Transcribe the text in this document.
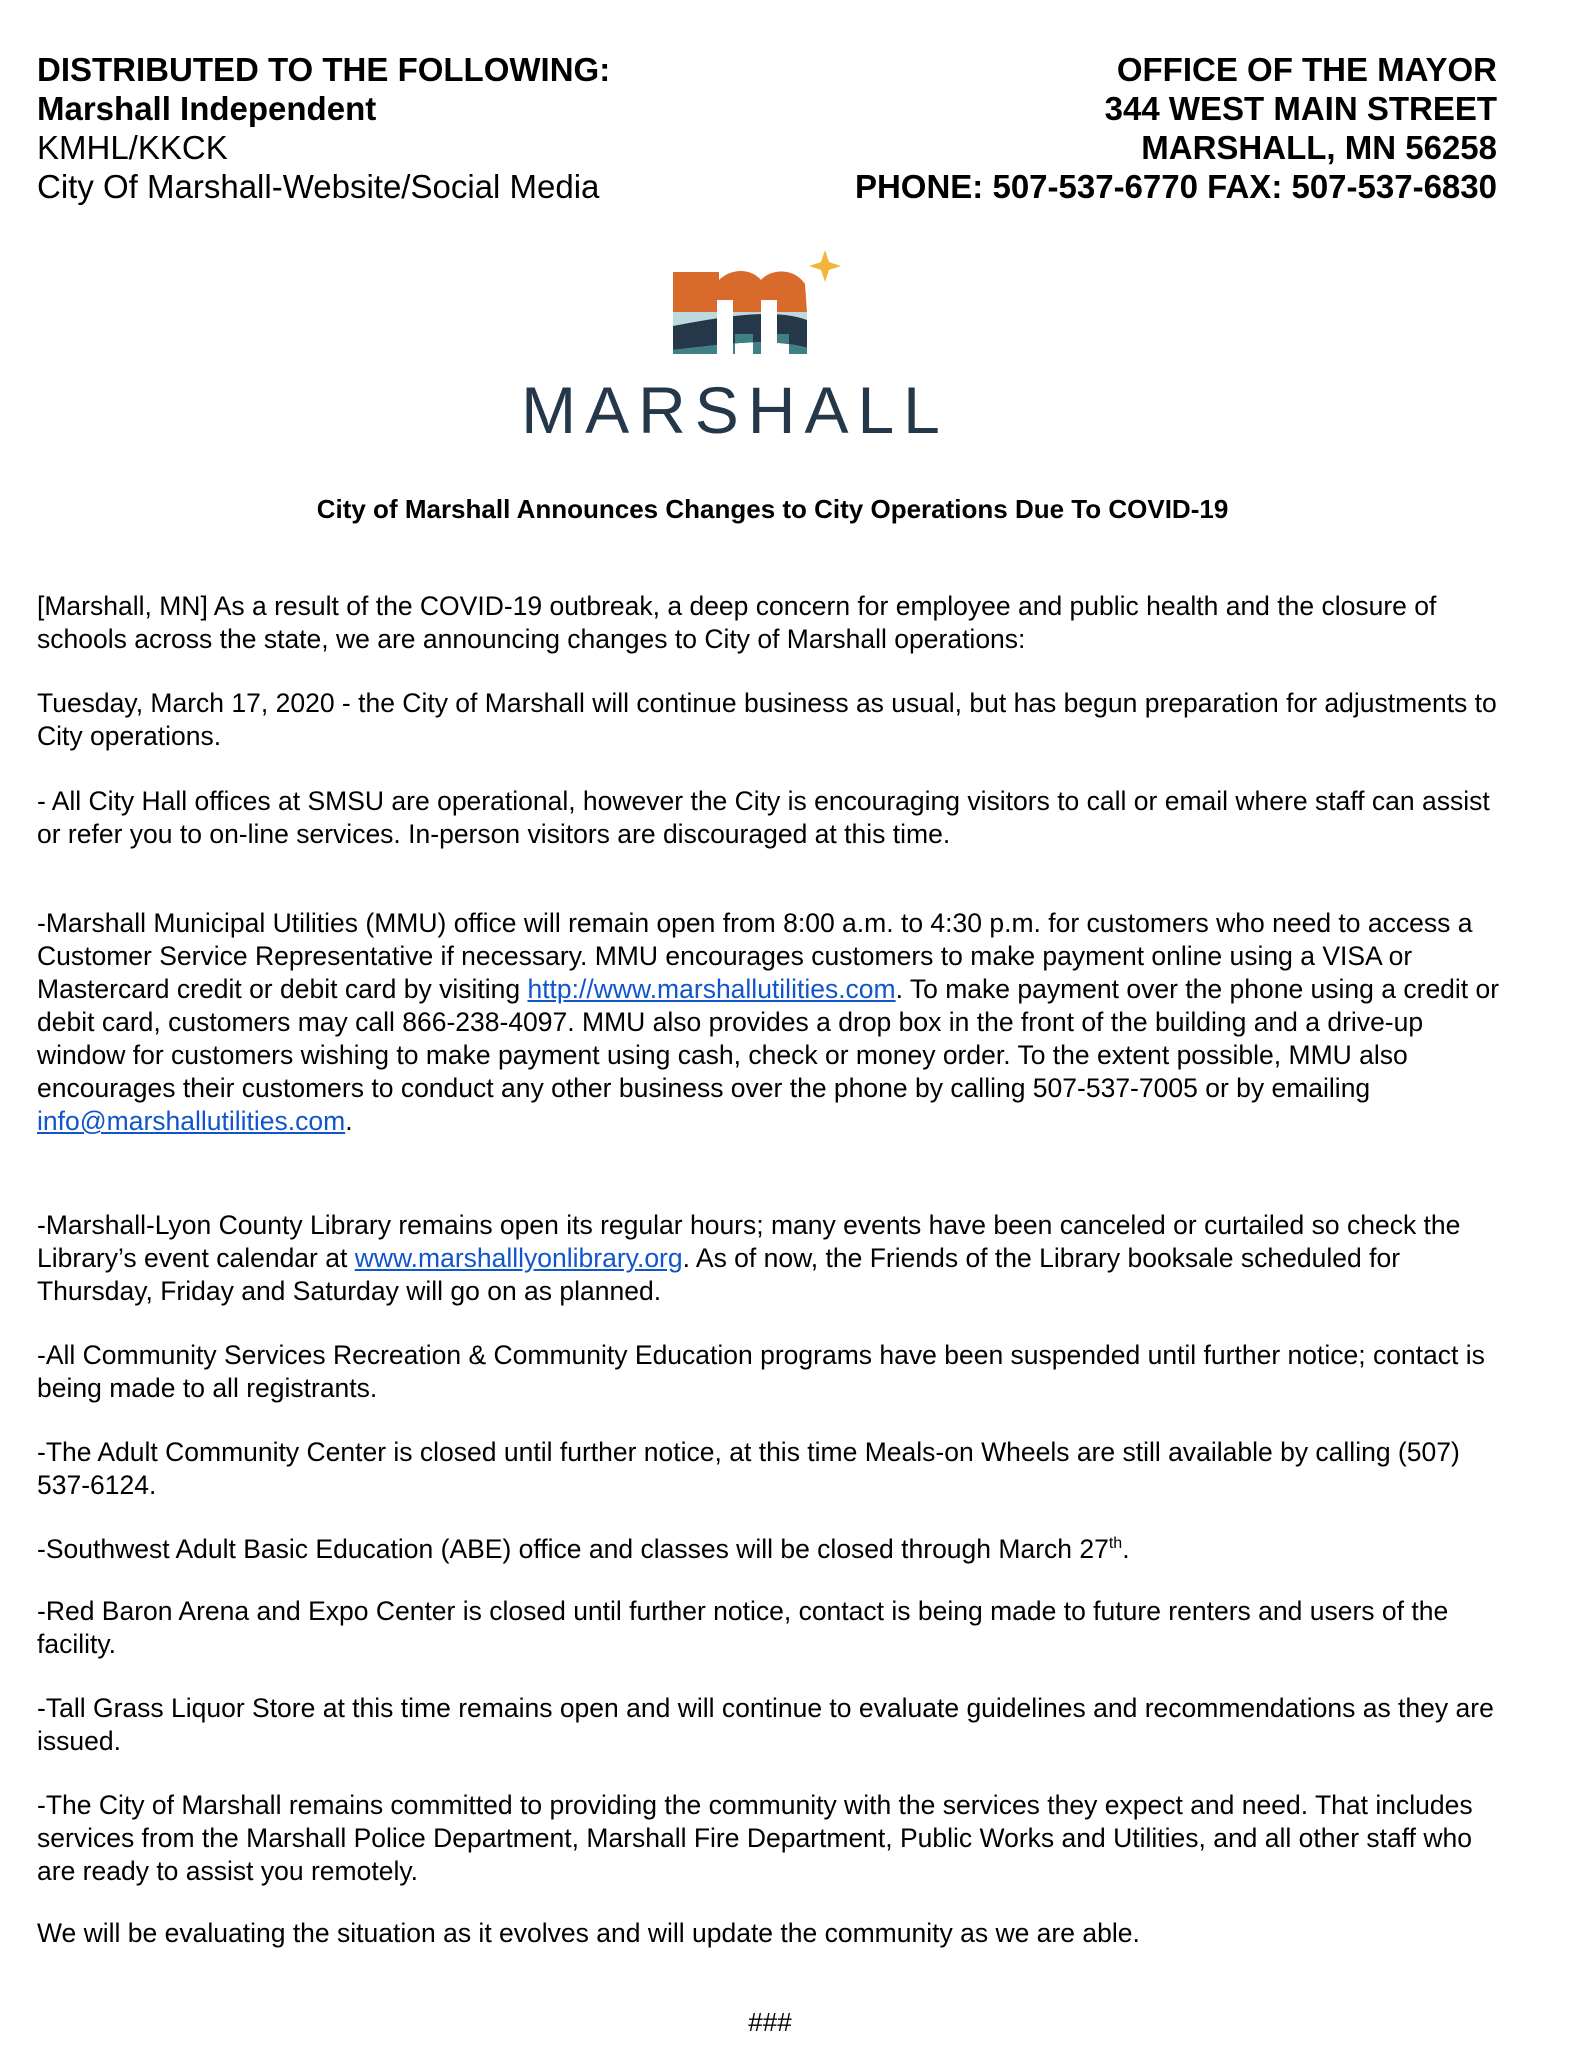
DISTRIBUTED TO THE FOLLOWING:
Marshall Independent
KMHL/KKCK
City Of Marshall-Website/Social Media
OFFICE OF THE MAYOR
344 WEST MAIN STREET
MARSHALL, MN 56258
PHONE: 507-537-6770 FAX: 507-537-6830
MARSHALL
City of Marshall Announces Changes to City Operations Due To COVID-19

[Marshall, MN] As a result of the COVID-19 outbreak, a deep concern for employee and public health and the closure of schools across the state, we are announcing changes to City of Marshall operations:

Tuesday, March 17, 2020 - the City of Marshall will continue business as usual, but has begun preparation for adjustments to City operations.

- All City Hall offices at SMSU are operational, however the City is encouraging visitors to call or email where staff can assist or refer you to on-line services. In-person visitors are discouraged at this time.

-Marshall Municipal Utilities (MMU) office will remain open from 8:00 a.m. to 4:30 p.m. for customers who need to access a Customer Service Representative if necessary. MMU encourages customers to make payment online using a VISA or Mastercard credit or debit card by visiting http://www.marshallutilities.com. To make payment over the phone using a credit or debit card, customers may call 866-238-4097. MMU also provides a drop box in the front of the building and a drive-up window for customers wishing to make payment using cash, check or money order. To the extent possible, MMU also encourages their customers to conduct any other business over the phone by calling 507-537-7005 or by emailing info@marshallutilities.com.

-Marshall-Lyon County Library remains open its regular hours; many events have been canceled or curtailed so check the Library’s event calendar at www.marshalllyonlibrary.org. As of now, the Friends of the Library booksale scheduled for Thursday, Friday and Saturday will go on as planned.

-All Community Services Recreation & Community Education programs have been suspended until further notice; contact is being made to all registrants.

-The Adult Community Center is closed until further notice, at this time Meals-on Wheels are still available by calling (507) 537-6124.

-Southwest Adult Basic Education (ABE) office and classes will be closed through March 27th.

-Red Baron Arena and Expo Center is closed until further notice, contact is being made to future renters and users of the facility.

-Tall Grass Liquor Store at this time remains open and will continue to evaluate guidelines and recommendations as they are issued.

-The City of Marshall remains committed to providing the community with the services they expect and need. That includes services from the Marshall Police Department, Marshall Fire Department, Public Works and Utilities, and all other staff who are ready to assist you remotely.

We will be evaluating the situation as it evolves and will update the community as we are able.

###
